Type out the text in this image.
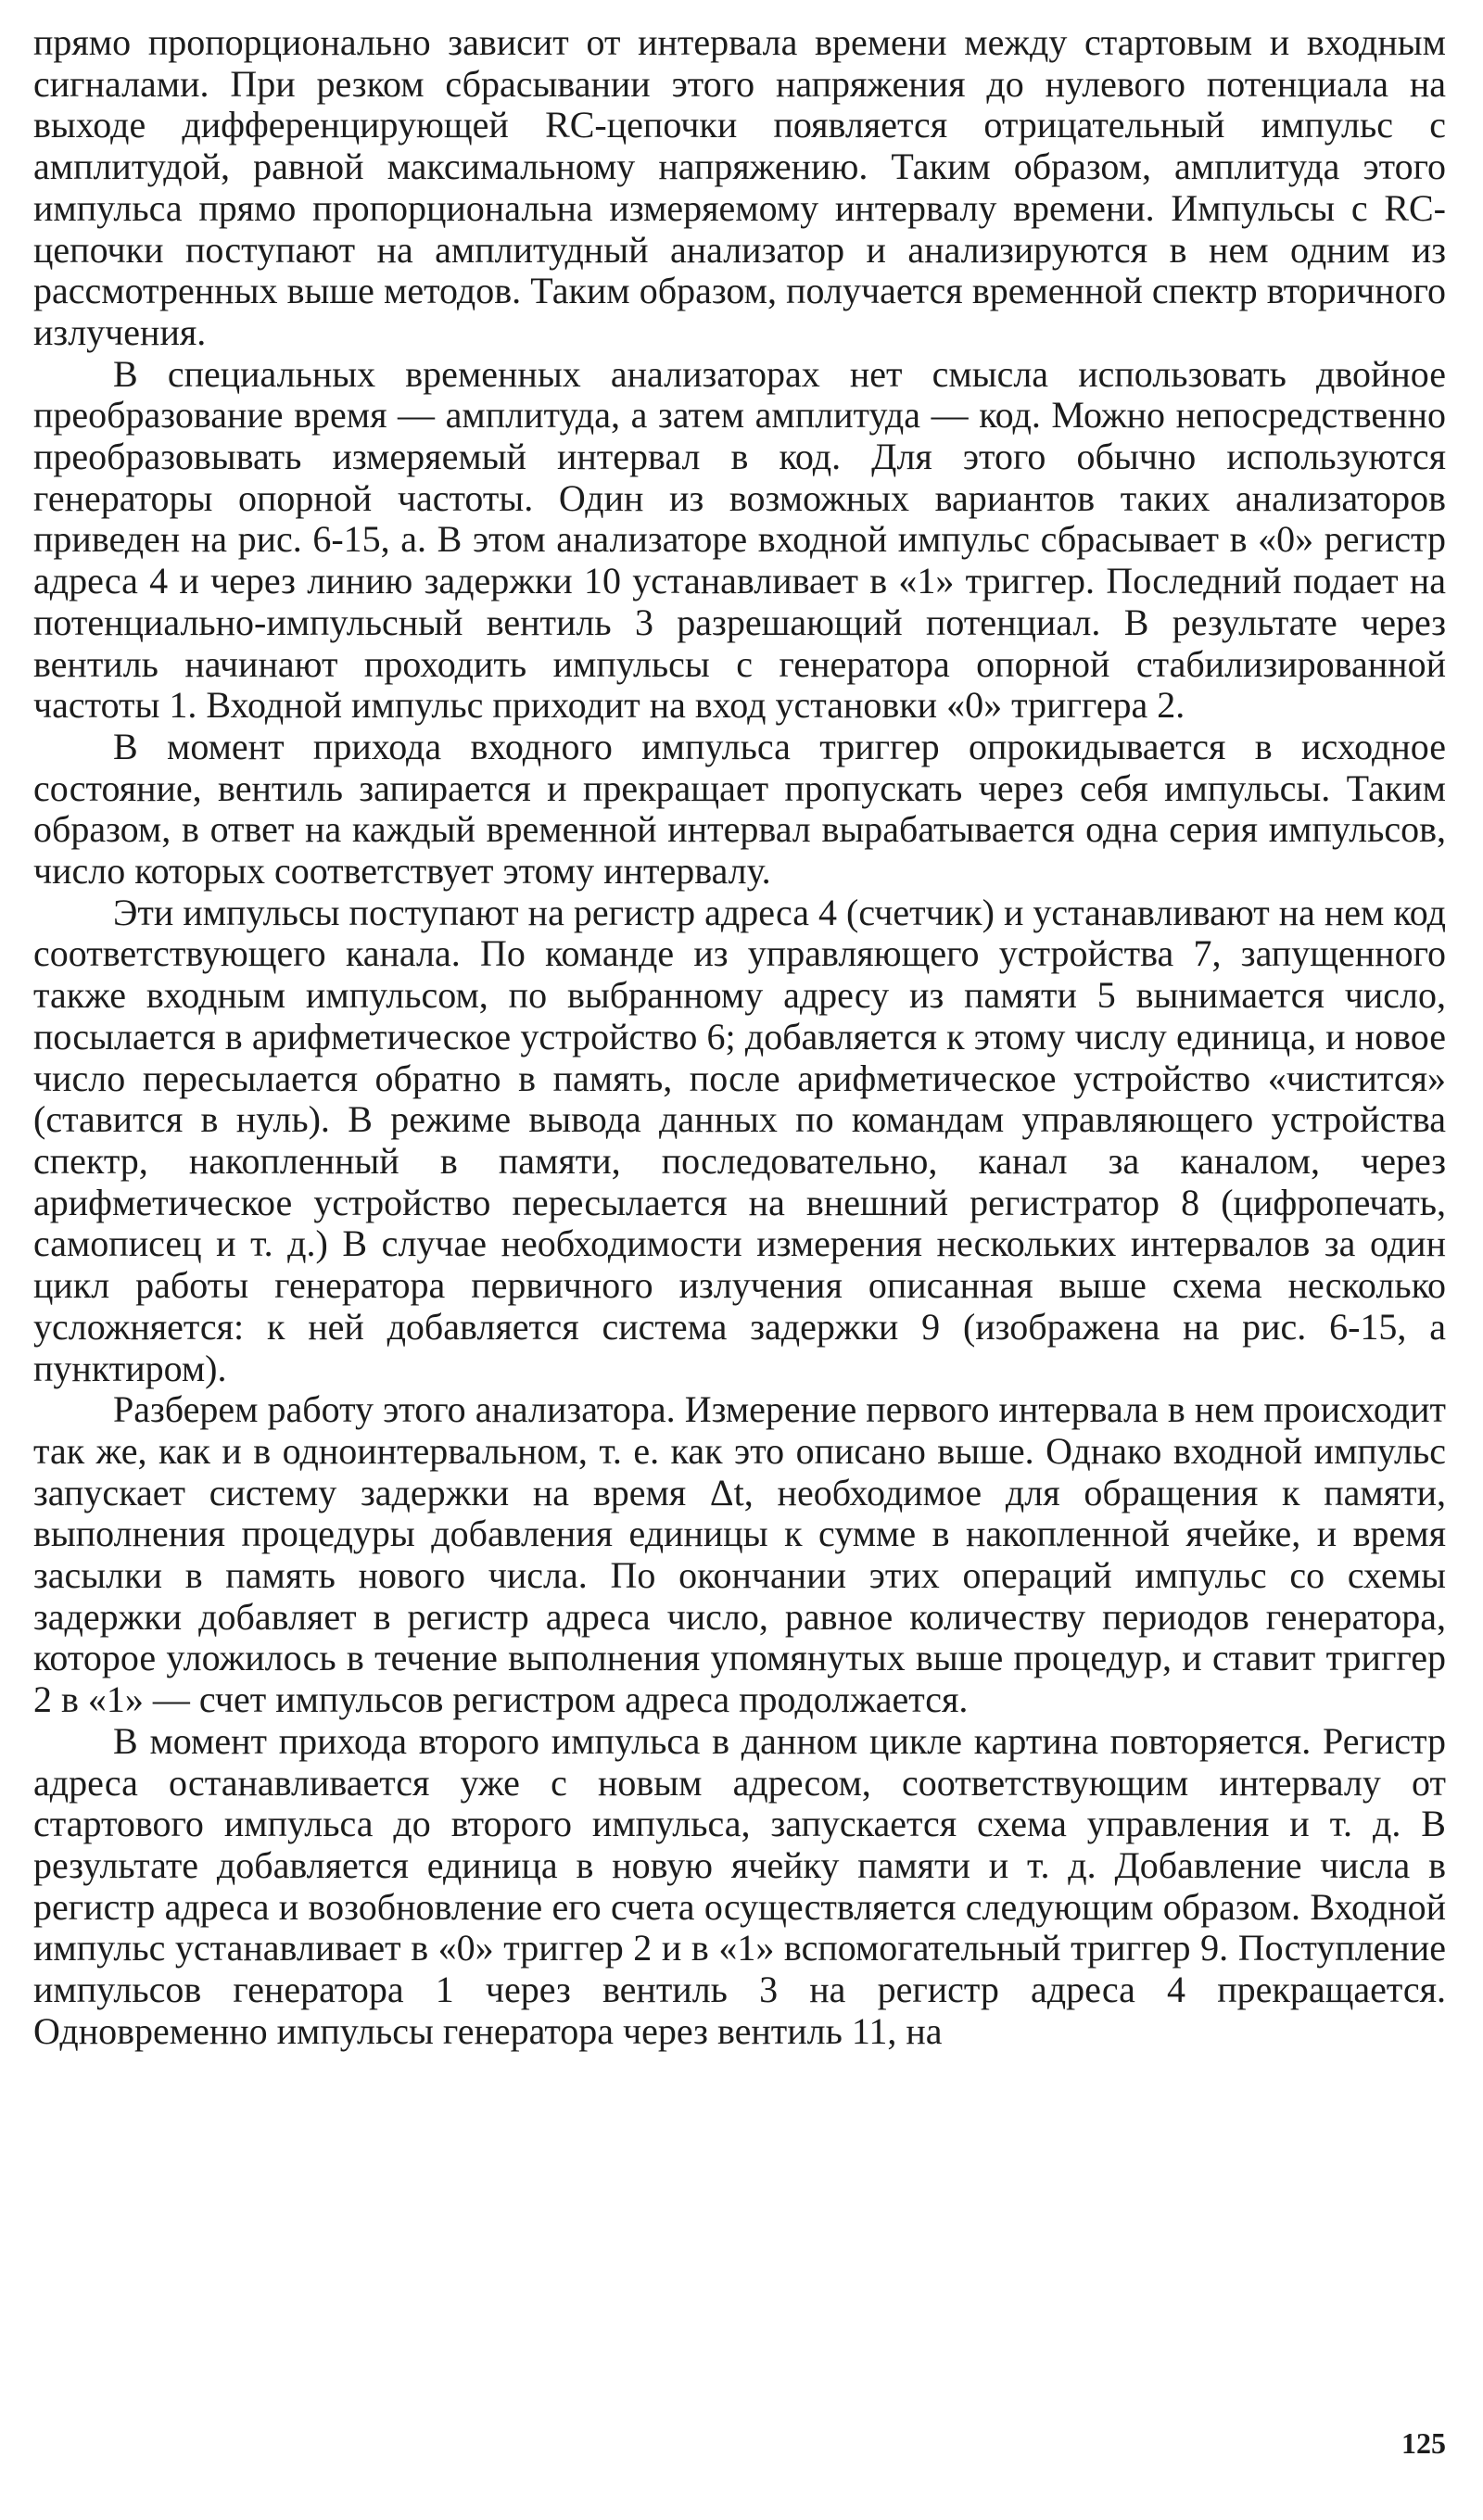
прямо пропорционально зависит от интервала времени между стартовым и входным сигналами. При резком сбрасывании этого напряжения до нулевого потенциала на выходе дифференцирующей RC-цепочки появляется отрицательный импульс с амплитудой, равной максимальному напряжению. Таким образом, амплитуда этого импульса прямо пропорциональна измеряемому интервалу времени. Импульсы с RC-цепочки поступают на амплитудный анализатор и анализируются в нем одним из рассмотренных выше методов. Таким образом, получается временной спектр вторичного излучения.

В специальных временных анализаторах нет смысла использовать двойное преобразование время — амплитуда, а затем амплитуда — код. Можно непосредственно преобразовывать измеряемый интервал в код. Для этого обычно используются генераторы опорной частоты. Один из возможных вариантов таких анализаторов приведен на рис. 6-15, а. В этом анализаторе входной импульс сбрасывает в «0» регистр адреса 4 и через линию задержки 10 устанавливает в «1» триггер. Последний подает на потенциально-импульсный вентиль 3 разрешающий потенциал. В результате через вентиль начинают проходить импульсы с генератора опорной стабилизированной частоты 1. Входной импульс приходит на вход установки «0» триггера 2.

В момент прихода входного импульса триггер опрокидывается в исходное состояние, вентиль запирается и прекращает пропускать через себя импульсы. Таким образом, в ответ на каждый временной интервал вырабатывается одна серия импульсов, число которых соответствует этому интервалу.

Эти импульсы поступают на регистр адреса 4 (счетчик) и устанавливают на нем код соответствующего канала. По команде из управляющего устройства 7, запущенного также входным импульсом, по выбранному адресу из памяти 5 вынимается число, посылается в арифметическое устройство 6; добавляется к этому числу единица, и новое число пересылается обратно в память, после арифметическое устройство «чистится» (ставится в нуль). В режиме вывода данных по командам управляющего устройства спектр, накопленный в памяти, последовательно, канал за каналом, через арифметическое устройство пересылается на внешний регистратор 8 (цифропечать, самописец и т. д.) В случае необходимости измерения нескольких интервалов за один цикл работы генератора первичного излучения описанная выше схема несколько усложняется: к ней добавляется система задержки 9 (изображена на рис. 6-15, а пунктиром).

Разберем работу этого анализатора. Измерение первого интервала в нем происходит так же, как и в одноинтервальном, т. е. как это описано выше. Однако входной импульс запускает систему задержки на время Δt, необходимое для обращения к памяти, выполнения процедуры добавления единицы к сумме в накопленной ячейке, и время засылки в память нового числа. По окончании этих операций импульс со схемы задержки добавляет в регистр адреса число, равное количеству периодов генератора, которое уложилось в течение выполнения упомянутых выше процедур, и ставит триггер 2 в «1» — счет импульсов регистром адреса продолжается.

В момент прихода второго импульса в данном цикле картина повторяется. Регистр адреса останавливается уже с новым адресом, соответствующим интервалу от стартового импульса до второго импульса, запускается схема управления и т. д. В результате добавляется единица в новую ячейку памяти и т. д. Добавление числа в регистр адреса и возобновление его счета осуществляется следующим образом. Входной импульс устанавливает в «0» триггер 2 и в «1» вспомогательный триггер 9. Поступление импульсов генератора 1 через вентиль 3 на регистр адреса 4 прекращается. Одновременно импульсы генератора через вентиль 11, на

125
